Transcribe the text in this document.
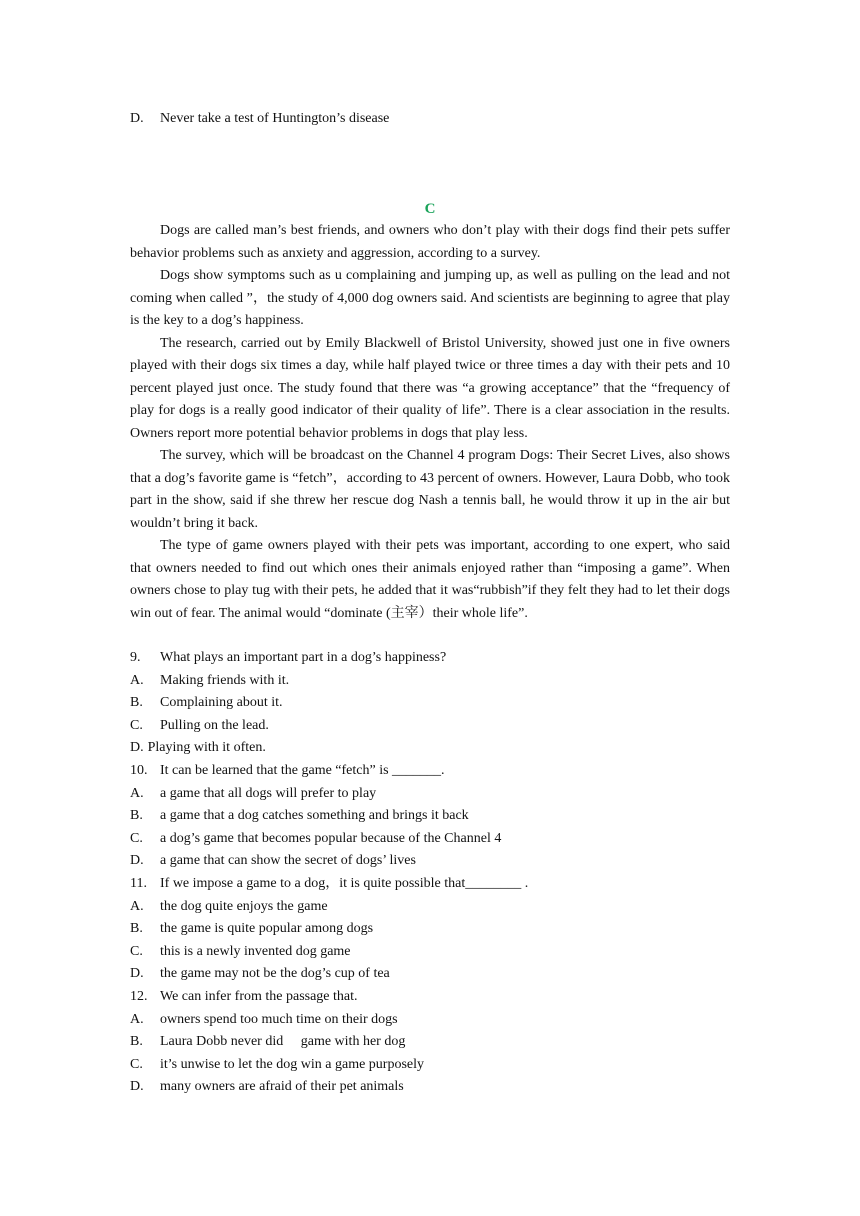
D. Never take a test of Huntington’s disease
C

Dogs are called man’s best friends, and owners who don’t play with their dogs find their pets suffer behavior problems such as anxiety and aggression, according to a survey.

Dogs show symptoms such as u complaining and jumping up, as well as pulling on the lead and not coming when called ”，the study of 4,000 dog owners said. And scientists are beginning to agree that play is the key to a dog’s happiness.

The research, carried out by Emily Blackwell of Bristol University, showed just one in five owners played with their dogs six times a day, while half played twice or three times a day with their pets and 10 percent played just once. The study found that there was “a growing acceptance” that the “frequency of play for dogs is a really good indicator of their quality of life”. There is a clear association in the results. Owners report more potential behavior problems in dogs that play less.

The survey, which will be broadcast on the Channel 4 program Dogs: Their Secret Lives, also shows that a dog’s favorite game is “fetch”，according to 43 percent of owners. However, Laura Dobb, who took part in the show, said if she threw her rescue dog Nash a tennis ball, he would throw it up in the air but wouldn’t bring it back.

The type of game owners played with their pets was important, according to one expert, who said that owners needed to find out which ones their animals enjoyed rather than “imposing a game”. When owners chose to play tug with their pets, he added that it was“rubbish”if they felt they had to let their dogs win out of fear. The animal would “dominate (主宰）their whole life”.

9.	What plays an important part in a dog’s happiness?
A.	Making friends with it.
B.	Complaining about it.
C.	Pulling on the lead.
D. Playing with it often.
10. It can be learned that the game “fetch” is _______.
A.	a game that all dogs will prefer to play
B.	a game that a dog catches something and brings it back
C.	a dog’s game that becomes popular because of the Channel 4
D.	a game that can show the secret of dogs’ lives
11. If we impose a game to a dog，it is quite possible that________ .
A.	the dog quite enjoys the game
B.	the game is quite popular among dogs
C.	this is a newly invented dog game
D.	the game may not be the dog’s cup of tea
12. We can infer from the passage that.
A.	owners spend too much time on their dogs
B.	Laura Dobb never did     game with her dog
C.	it’s unwise to let the dog win a game purposely
D.	many owners are afraid of their pet animals
